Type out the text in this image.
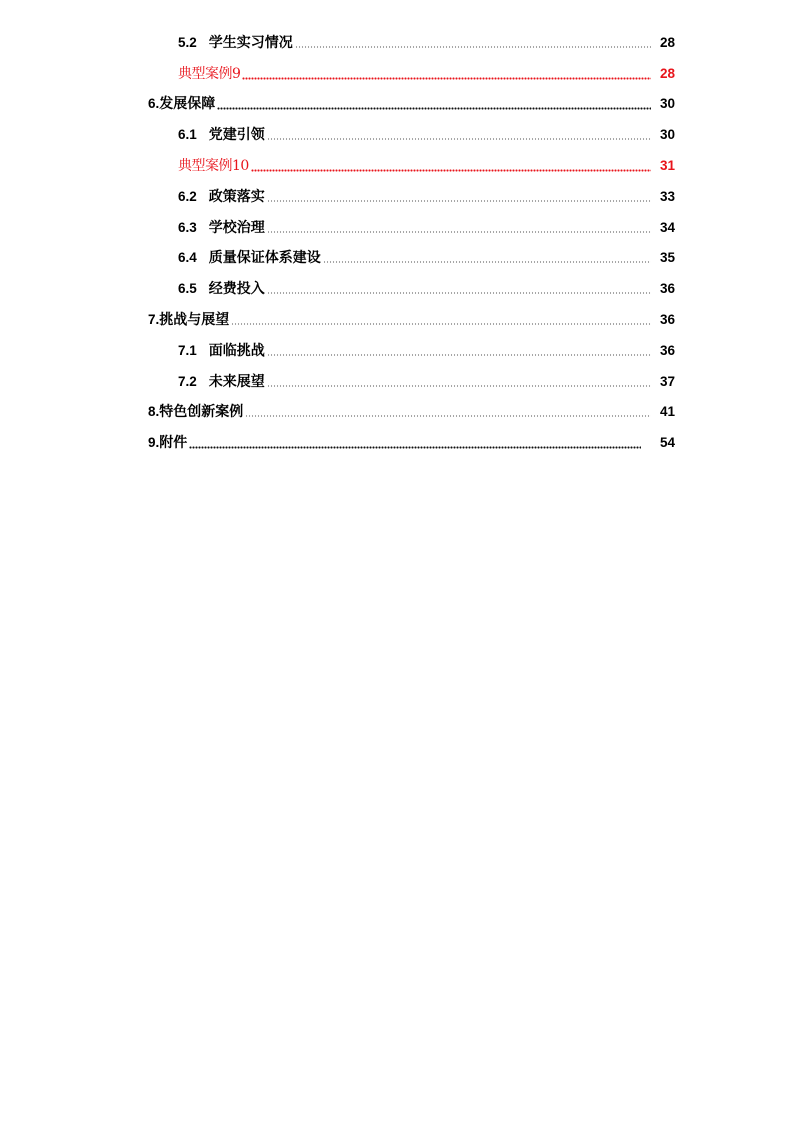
5.2 学生实习情况	28
典型案例9	28
6. 发展保障	30
6.1 党建引领	30
典型案例10	31
6.2 政策落实	33
6.3 学校治理	34
6.4 质量保证体系建设	35
6.5 经费投入	36
7. 挑战与展望	36
7.1 面临挑战	36
7.2 未来展望	37
8. 特色创新案例	41
9. 附件	54
